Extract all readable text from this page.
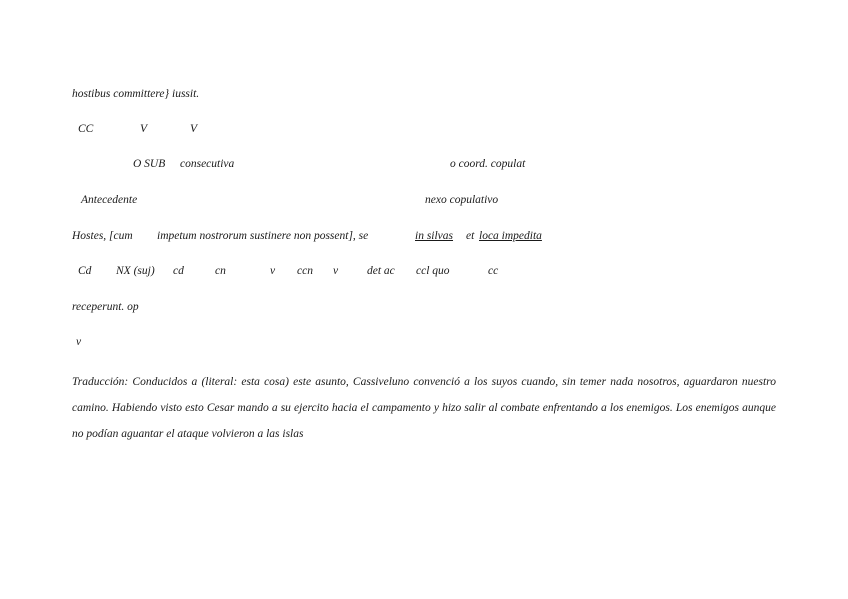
hostibus committere} iussit.
CC	V	V
O SUB consecutiva	o coord. copulat
Antecedente	nexo copulativo
Hostes, [cum impetum nostrorum sustinere non possent], se	in silvas et loca impedita
Cd NX (suj) cd	cn	v ccn v	det ac ccl quo	cc
receperunt. op
v
Traducción: Conducidos a (literal: esta cosa) este asunto, Cassiveluno convenció a los suyos cuando, sin temer nada nosotros, aguardaron nuestro camino. Habiendo visto esto Cesar mando a su ejercito hacia el campamento y hizo salir al combate enfrentando a los enemigos. Los enemigos aunque no podían aguantar el ataque volvieron a las islas
